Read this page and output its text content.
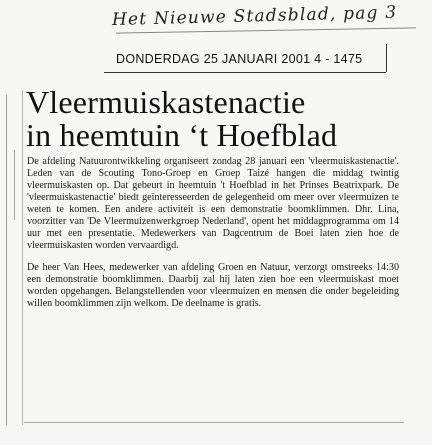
Het Nieuwe Stadsblad, pag 3
DONDERDAG 25 JANUARI 2001 4 - 1475
Vleermuiskastenactie
in heemtuin ‘t Hoefblad

De afdeling Natuurontwikkeling organiseert zondag 28 januari een 'vleermuiskastenactie'. Leden van de Scouting Tono-Groep en Groep Taizé hangen die middag twintig vleermuiskasten op. Dat gebeurt in heemtuin 't Hoefblad in het Prinses Beatrixpark. De 'vleermuiskastenactie' biedt geïnteresseerden de gelegenheid om meer over vleermuizen te weten te komen. Een andere activiteit is een demonstratie boomklimmen. Dhr. Lina, voorzitter van 'De Vleermuizenwerkgroep Nederland', opent het middagprogramma om 14 uur met een presentatie. Medewerkers van Dagcentrum de Boei laten zien hoe de vleermuiskasten worden vervaardigd.

De heer Van Hees, medewerker van afdeling Groen en Natuur, verzorgt omstreeks 14:30 een demonstratie boomklimmen. Daarbij zal hij laten zien hoe een vleermuiskast moet worden opgehangen. Belangstellenden voor vleermuizen en mensen die onder begeleiding willen boomklimmen zijn welkom. De deelname is gratis.
